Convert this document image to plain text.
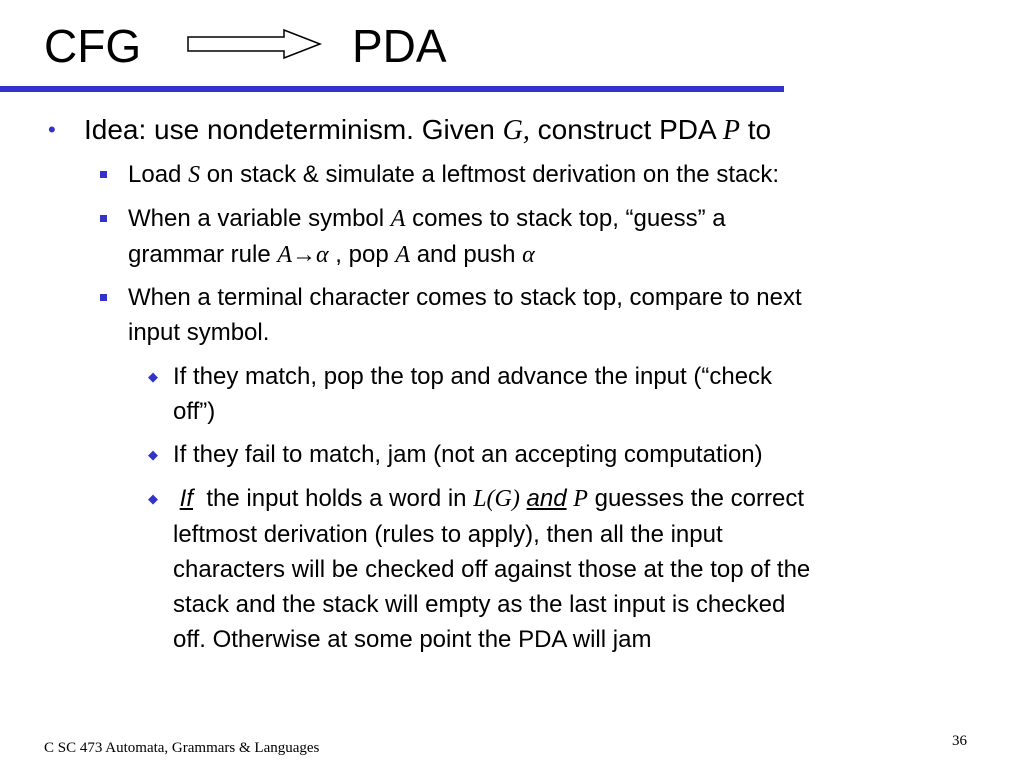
CFG	PDA
• Idea: use nondeterminism. Given G, construct PDA P to
Load S on stack & simulate a leftmost derivation on the stack:
When a variable symbol A comes to stack top, “guess” a
grammar rule A→α , pop A and push α
When a terminal character comes to stack top, compare to next
input symbol.
◆ If they match, pop the top and advance the input (“check
off”)
◆ If they fail to match, jam (not an accepting computation)
◆ If  the input holds a word in L(G) and P guesses the correct
leftmost derivation (rules to apply), then all the input
characters will be checked off against those at the top of the
stack and the stack will empty as the last input is checked
off. Otherwise at some point the PDA will jam
C SC 473 Automata, Grammars & Languages	36
